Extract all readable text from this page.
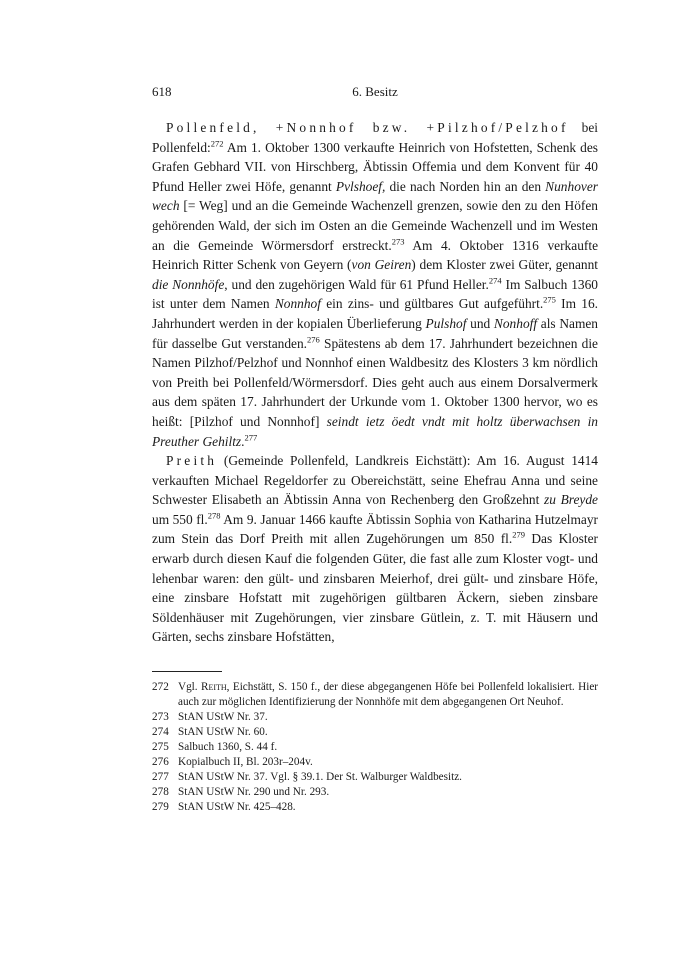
618	6. Besitz

Pollenfeld, +Nonnhof bzw. +Pilzhof/Pelzhof bei Pollenfeld:$^{272}$ Am 1. Oktober 1300 verkaufte Heinrich von Hofstetten, Schenk des Grafen Gebhard VII. von Hirschberg, Äbtissin Offemia und dem Konvent für 40 Pfund Heller zwei Höfe, genannt Pvlshoef, die nach Norden hin an den Nunhover wech [= Weg] und an die Gemeinde Wachenzell grenzen, sowie den zu den Höfen gehörenden Wald, der sich im Osten an die Gemeinde Wachenzell und im Westen an die Gemeinde Wörmersdorf erstreckt.$^{273}$ Am 4. Oktober 1316 verkaufte Heinrich Ritter Schenk von Geyern (von Geiren) dem Kloster zwei Güter, genannt die Nonnhöfe, und den zugehörigen Wald für 61 Pfund Heller.$^{274}$ Im Salbuch 1360 ist unter dem Namen Nonnhof ein zins- und gültbares Gut aufgeführt.$^{275}$ Im 16. Jahrhundert werden in der kopialen Überlieferung Pulshof und Nonhoff als Namen für dasselbe Gut verstanden.$^{276}$ Spätestens ab dem 17. Jahrhundert bezeichnen die Namen Pilzhof/Pelzhof und Nonnhof einen Waldbesitz des Klosters 3 km nördlich von Preith bei Pollenfeld/Wörmersdorf. Dies geht auch aus einem Dorsalvermerk aus dem späten 17. Jahrhundert der Urkunde vom 1. Oktober 1300 hervor, wo es heißt: [Pilzhof und Nonnhof] seindt ietz öedt vndt mit holtz überwachsen in Preuther Gehiltz.$^{277}$

Preith (Gemeinde Pollenfeld, Landkreis Eichstätt): Am 16. August 1414 verkauften Michael Regeldorfer zu Obereichstätt, seine Ehefrau Anna und seine Schwester Elisabeth an Äbtissin Anna von Rechenberg den Großzehnt zu Breyde um 550 fl.$^{278}$ Am 9. Januar 1466 kaufte Äbtissin Sophia von Katharina Hutzelmayr zum Stein das Dorf Preith mit allen Zugehörungen um 850 fl.$^{279}$ Das Kloster erwarb durch diesen Kauf die folgenden Güter, die fast alle zum Kloster vogt- und lehenbar waren: den gült- und zinsbaren Meierhof, drei gült- und zinsbare Höfe, eine zinsbare Hofstatt mit zugehörigen gültbaren Äckern, sieben zinsbare Söldenhäuser mit Zugehörungen, vier zinsbare Gütlein, z. T. mit Häusern und Gärten, sechs zinsbare Hofstätten,

272 Vgl. Reith, Eichstätt, S. 150 f., der diese abgegangenen Höfe bei Pollenfeld lokalisiert. Hier auch zur möglichen Identifizierung der Nonnhöfe mit dem abgegangenen Ort Neuhof.
273 StAN UStW Nr. 37.
274 StAN UStW Nr. 60.
275 Salbuch 1360, S. 44 f.
276 Kopialbuch II, Bl. 203r–204v.
277 StAN UStW Nr. 37. Vgl. § 39.1. Der St. Walburger Waldbesitz.
278 StAN UStW Nr. 290 und Nr. 293.
279 StAN UStW Nr. 425–428.
